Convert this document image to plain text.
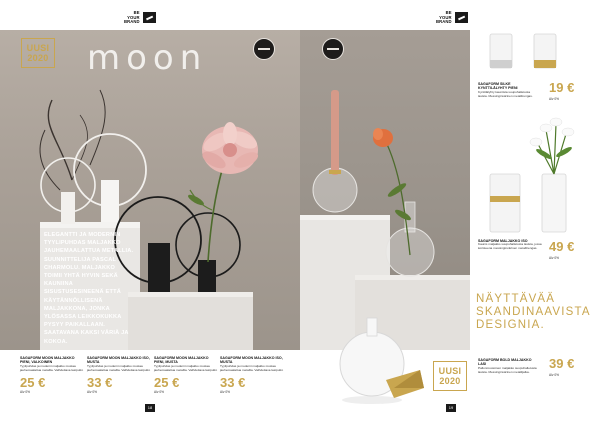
BE
YOUR
BRAND
UUSI
2020 moon
ELEGANTTI JA MODERNIN TYYLIPUHDAS MALJAKKO JAUHEMAALATTUA METALLIA. SUUNNITTELIJA PASCAL CHARMOLU. MALJAKKO TOIMII YHTÄ HYVIN SEKÄ KAUNIINA SISUSTUSESINEENÄ ETTÄ KÄYTÄNNÖLLISENÄ MALJAKKONA, JONKA YLÖSASSA LEIKKOKUKKA PYSYY PAIKALLAAN. SAATAVANA KAKSI VÄRIÄ JA KOKOA.
SAGAFORM MOON MALJAKKO PIENI, VALKOINEN
Tyylipuhdas ja moderni maljakko mustaa jauhemaalattua metallia. Vaihdettava lasiputki.
25 €
Alv 0%
SAGAFORM MOON MALJAKKO ISO, MUSTA
Tyylipuhdas ja moderni maljakko mustaa jauhemaalattua metallia. Vaihdettava lasiputki.
33 €
Alv 0%
SAGAFORM MOON MALJAKKO PIENI, MUSTA
Tyylipuhdas ja moderni maljakko mustaa jauhemaalattua metallia. Vaihdettava lasiputki.
25 €
Alv 0%
SAGAFORM MOON MALJAKKO ISO, MUSTA
Tyylipuhdas ja moderni maljakko mustaa jauhemaalattua metallia. Vaihdettava lasiputki.
33 €
Alv 0%
18
BE
YOUR
BRAND
UUSI
2020
SAGAFORM SILKE KYNTTILÄLYHTY PIENI
Kynttilälyhty kauniista suupuhalletusta lasista. Messinginvärinen metallirengas.
19 €
Alv 0%
SAGAFORM MALJAKKO ISO
Kaunis maljakko suupuhalletusta lasista, jossa koristeena messinginvärinen metallirengas. 49 €
Alv 0%
NÄYTTÄVÄÄ
SKANDINAAVISTA
DESIGNIA.
SAGAFORM BOLD MALJAKKO LASI
Pallonmuotoinen maljakko suupuhalletusta lasista. Messinginvärinen metallijalka.
39 €
Alv 0%
19
